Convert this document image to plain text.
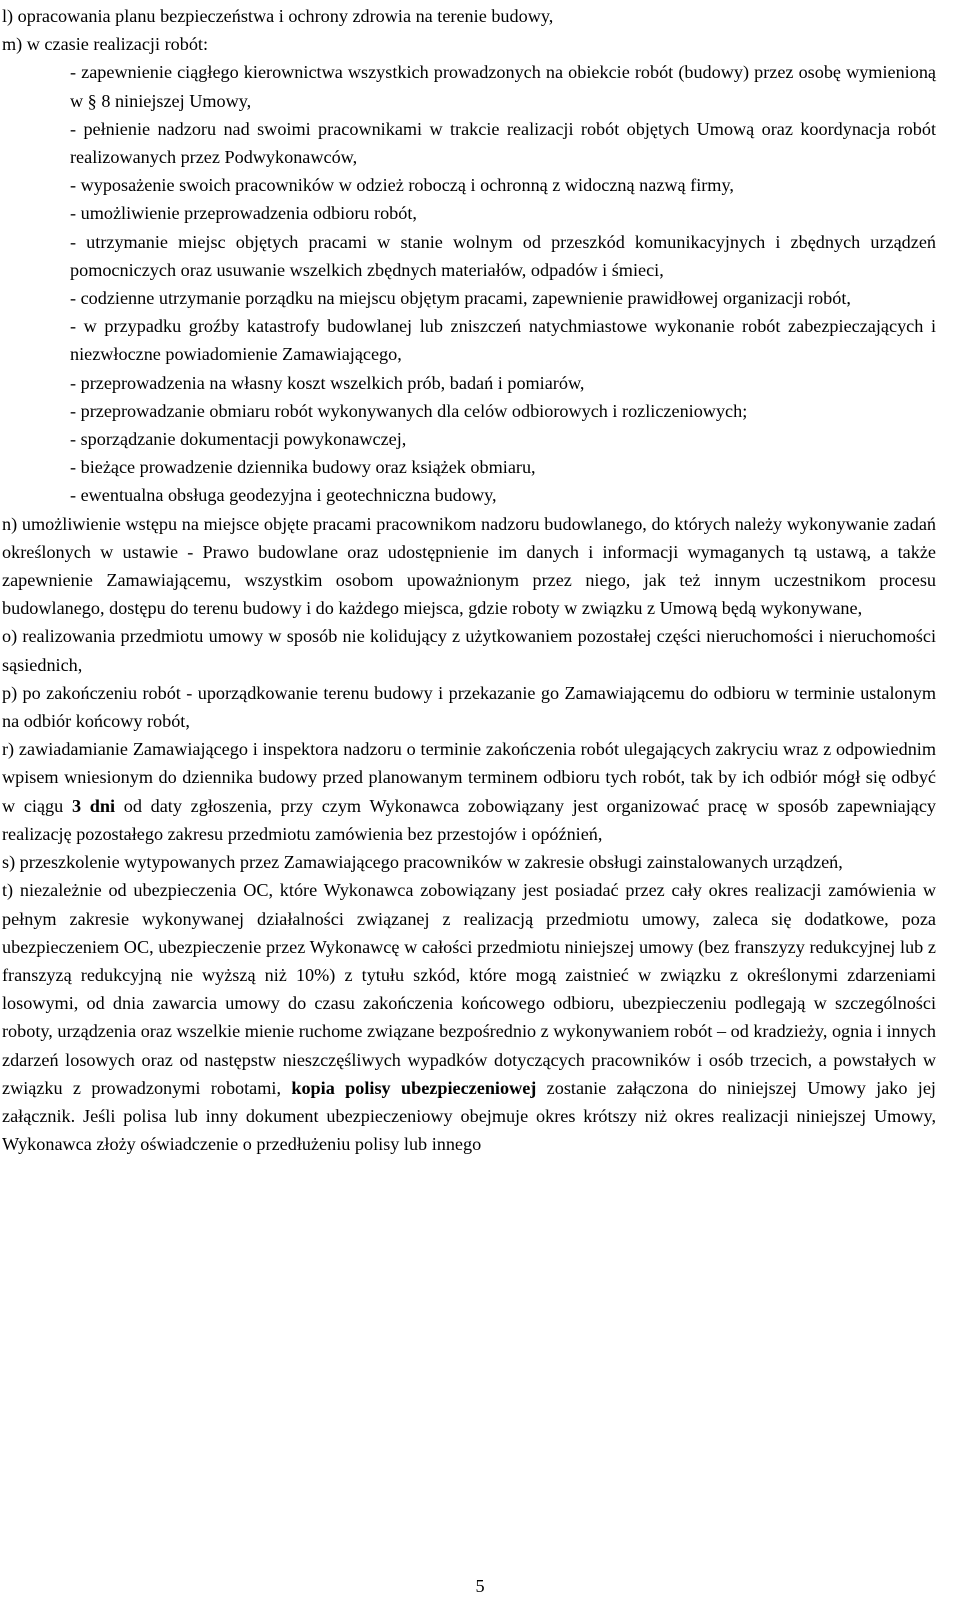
l) opracowania planu bezpieczeństwa i ochrony zdrowia na terenie budowy,

m) w czasie realizacji robót:

- zapewnienie ciągłego kierownictwa wszystkich prowadzonych na obiekcie robót (budowy) przez osobę wymienioną w § 8 niniejszej Umowy,

- pełnienie nadzoru nad swoimi pracownikami w trakcie realizacji robót objętych Umową oraz koordynacja robót realizowanych przez Podwykonawców,

- wyposażenie swoich pracowników w odzież roboczą i ochronną z widoczną nazwą firmy,

- umożliwienie przeprowadzenia odbioru robót,

- utrzymanie miejsc objętych pracami w stanie wolnym od przeszkód komunikacyjnych i zbędnych urządzeń pomocniczych oraz usuwanie wszelkich zbędnych materiałów, odpadów i śmieci,

- codzienne utrzymanie porządku na miejscu objętym pracami, zapewnienie prawidłowej organizacji robót,

- w przypadku groźby katastrofy budowlanej lub zniszczeń natychmiastowe wykonanie robót zabezpieczających i niezwłoczne powiadomienie Zamawiającego,

- przeprowadzenia na własny koszt wszelkich prób, badań i pomiarów,

- przeprowadzanie obmiaru robót wykonywanych dla celów odbiorowych i rozliczeniowych;

- sporządzanie dokumentacji powykonawczej,

- bieżące prowadzenie dziennika budowy oraz książek obmiaru,

- ewentualna obsługa geodezyjna i geotechniczna budowy,

n) umożliwienie wstępu na miejsce objęte pracami pracownikom nadzoru budowlanego, do których należy wykonywanie zadań określonych w ustawie - Prawo budowlane oraz udostępnienie im danych i informacji wymaganych tą ustawą, a także zapewnienie Zamawiającemu, wszystkim osobom upoważnionym przez niego, jak też innym uczestnikom procesu budowlanego, dostępu do terenu budowy i do każdego miejsca, gdzie roboty w związku z Umową będą wykonywane,

o) realizowania przedmiotu umowy w sposób nie kolidujący z użytkowaniem pozostałej części nieruchomości i nieruchomości sąsiednich,

p) po zakończeniu robót - uporządkowanie terenu budowy i przekazanie go Zamawiającemu do odbioru w terminie ustalonym na odbiór końcowy robót,

r) zawiadamianie Zamawiającego i inspektora nadzoru o terminie zakończenia robót ulegających zakryciu wraz z odpowiednim wpisem wniesionym do dziennika budowy przed planowanym terminem odbioru tych robót, tak by ich odbiór mógł się odbyć w ciągu 3 dni od daty zgłoszenia, przy czym Wykonawca zobowiązany jest organizować pracę w sposób zapewniający realizację pozostałego zakresu przedmiotu zamówienia bez przestojów i opóźnień,

s) przeszkolenie wytypowanych przez Zamawiającego pracowników w zakresie obsługi zainstalowanych urządzeń,

t) niezależnie od ubezpieczenia OC, które Wykonawca zobowiązany jest posiadać przez cały okres realizacji zamówienia w pełnym zakresie wykonywanej działalności związanej z realizacją przedmiotu umowy, zaleca się dodatkowe, poza ubezpieczeniem OC, ubezpieczenie przez Wykonawcę w całości przedmiotu niniejszej umowy (bez franszyzy redukcyjnej lub z franszyzą redukcyjną nie wyższą niż 10%) z tytułu szkód, które mogą zaistnieć w związku z określonymi zdarzeniami losowymi, od dnia zawarcia umowy do czasu zakończenia końcowego odbioru, ubezpieczeniu podlegają w szczególności roboty, urządzenia oraz wszelkie mienie ruchome związane bezpośrednio z wykonywaniem robót – od kradzieży, ognia i innych zdarzeń losowych oraz od następstw nieszczęśliwych wypadków dotyczących pracowników i osób trzecich, a powstałych w związku z prowadzonymi robotami, kopia polisy ubezpieczeniowej zostanie załączona do niniejszej Umowy jako jej załącznik. Jeśli polisa lub inny dokument ubezpieczeniowy obejmuje okres krótszy niż okres realizacji niniejszej Umowy, Wykonawca złoży oświadczenie o przedłużeniu polisy lub innego

5
